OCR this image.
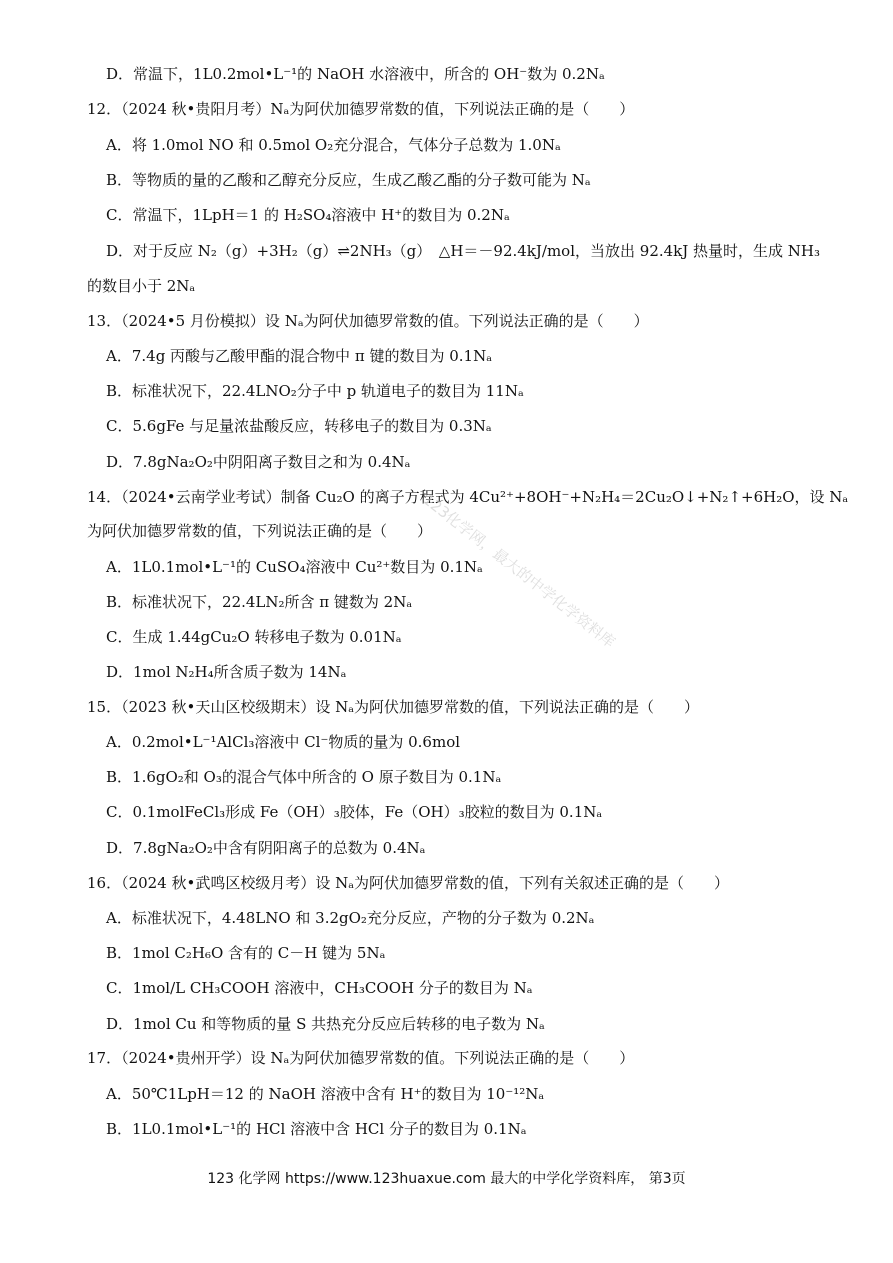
D．常温下，1L0.2mol•L⁻¹的 NaOH 水溶液中，所含的 OH⁻数为 0.2Nₐ
12．（2024 秋•贵阳月考）Nₐ为阿伏加德罗常数的值，下列说法正确的是（　　）
A．将 1.0mol NO 和 0.5mol O₂充分混合，气体分子总数为 1.0Nₐ
B．等物质的量的乙酸和乙醇充分反应，生成乙酸乙酯的分子数可能为 Nₐ
C．常温下，1LpH＝1 的 H₂SO₄溶液中 H⁺的数目为 0.2Nₐ
D．对于反应 N₂（g）+3H₂（g）⇌2NH₃（g）　△H＝－92.4kJ/mol，当放出 92.4kJ 热量时，生成 NH₃
的数目小于 2Nₐ
13．（2024•5 月份模拟）设 Nₐ为阿伏加德罗常数的值。下列说法正确的是（　　）
A．7.4g 丙酸与乙酸甲酯的混合物中 π 键的数目为 0.1Nₐ
B．标准状况下，22.4LNO₂分子中 p 轨道电子的数目为 11Nₐ
C．5.6gFe 与足量浓盐酸反应，转移电子的数目为 0.3Nₐ
D．7.8gNa₂O₂中阴阳离子数目之和为 0.4Nₐ
14．（2024•云南学业考试）制备 Cu₂O 的离子方程式为 4Cu²⁺+8OH⁻+N₂H₄＝2Cu₂O↓+N₂↑+6H₂O，设 Nₐ
为阿伏加德罗常数的值，下列说法正确的是（　　）
A．1L0.1mol•L⁻¹的 CuSO₄溶液中 Cu²⁺数目为 0.1Nₐ
B．标准状况下，22.4LN₂所含 π 键数为 2Nₐ
C．生成 1.44gCu₂O 转移电子数为 0.01Nₐ
D．1mol N₂H₄所含质子数为 14Nₐ
15．（2023 秋•天山区校级期末）设 Nₐ为阿伏加德罗常数的值，下列说法正确的是（　　）
A．0.2mol•L⁻¹AlCl₃溶液中 Cl⁻物质的量为 0.6mol
B．1.6gO₂和 O₃的混合气体中所含的 O 原子数目为 0.1Nₐ
C．0.1molFeCl₃形成 Fe（OH）₃胶体，Fe（OH）₃胶粒的数目为 0.1Nₐ
D．7.8gNa₂O₂中含有阴阳离子的总数为 0.4Nₐ
16．（2024 秋•武鸣区校级月考）设 Nₐ为阿伏加德罗常数的值，下列有关叙述正确的是（　　）
A．标准状况下，4.48LNO 和 3.2gO₂充分反应，产物的分子数为 0.2Nₐ
B．1mol C₂H₆O 含有的 C－H 键为 5Nₐ
C．1mol/L CH₃COOH 溶液中，CH₃COOH 分子的数目为 Nₐ
D．1mol Cu 和等物质的量 S 共热充分反应后转移的电子数为 Nₐ
17．（2024•贵州开学）设 Nₐ为阿伏加德罗常数的值。下列说法正确的是（　　）
A．50℃1LpH＝12 的 NaOH 溶液中含有 H⁺的数目为 10⁻¹²Nₐ
B．1L0.1mol•L⁻¹的 HCl 溶液中含 HCl 分子的数目为 0.1Nₐ
123化学网，最大的中学化学资料库
123 化学网 https://www.123huaxue.com 最大的中学化学资料库， 第3页
